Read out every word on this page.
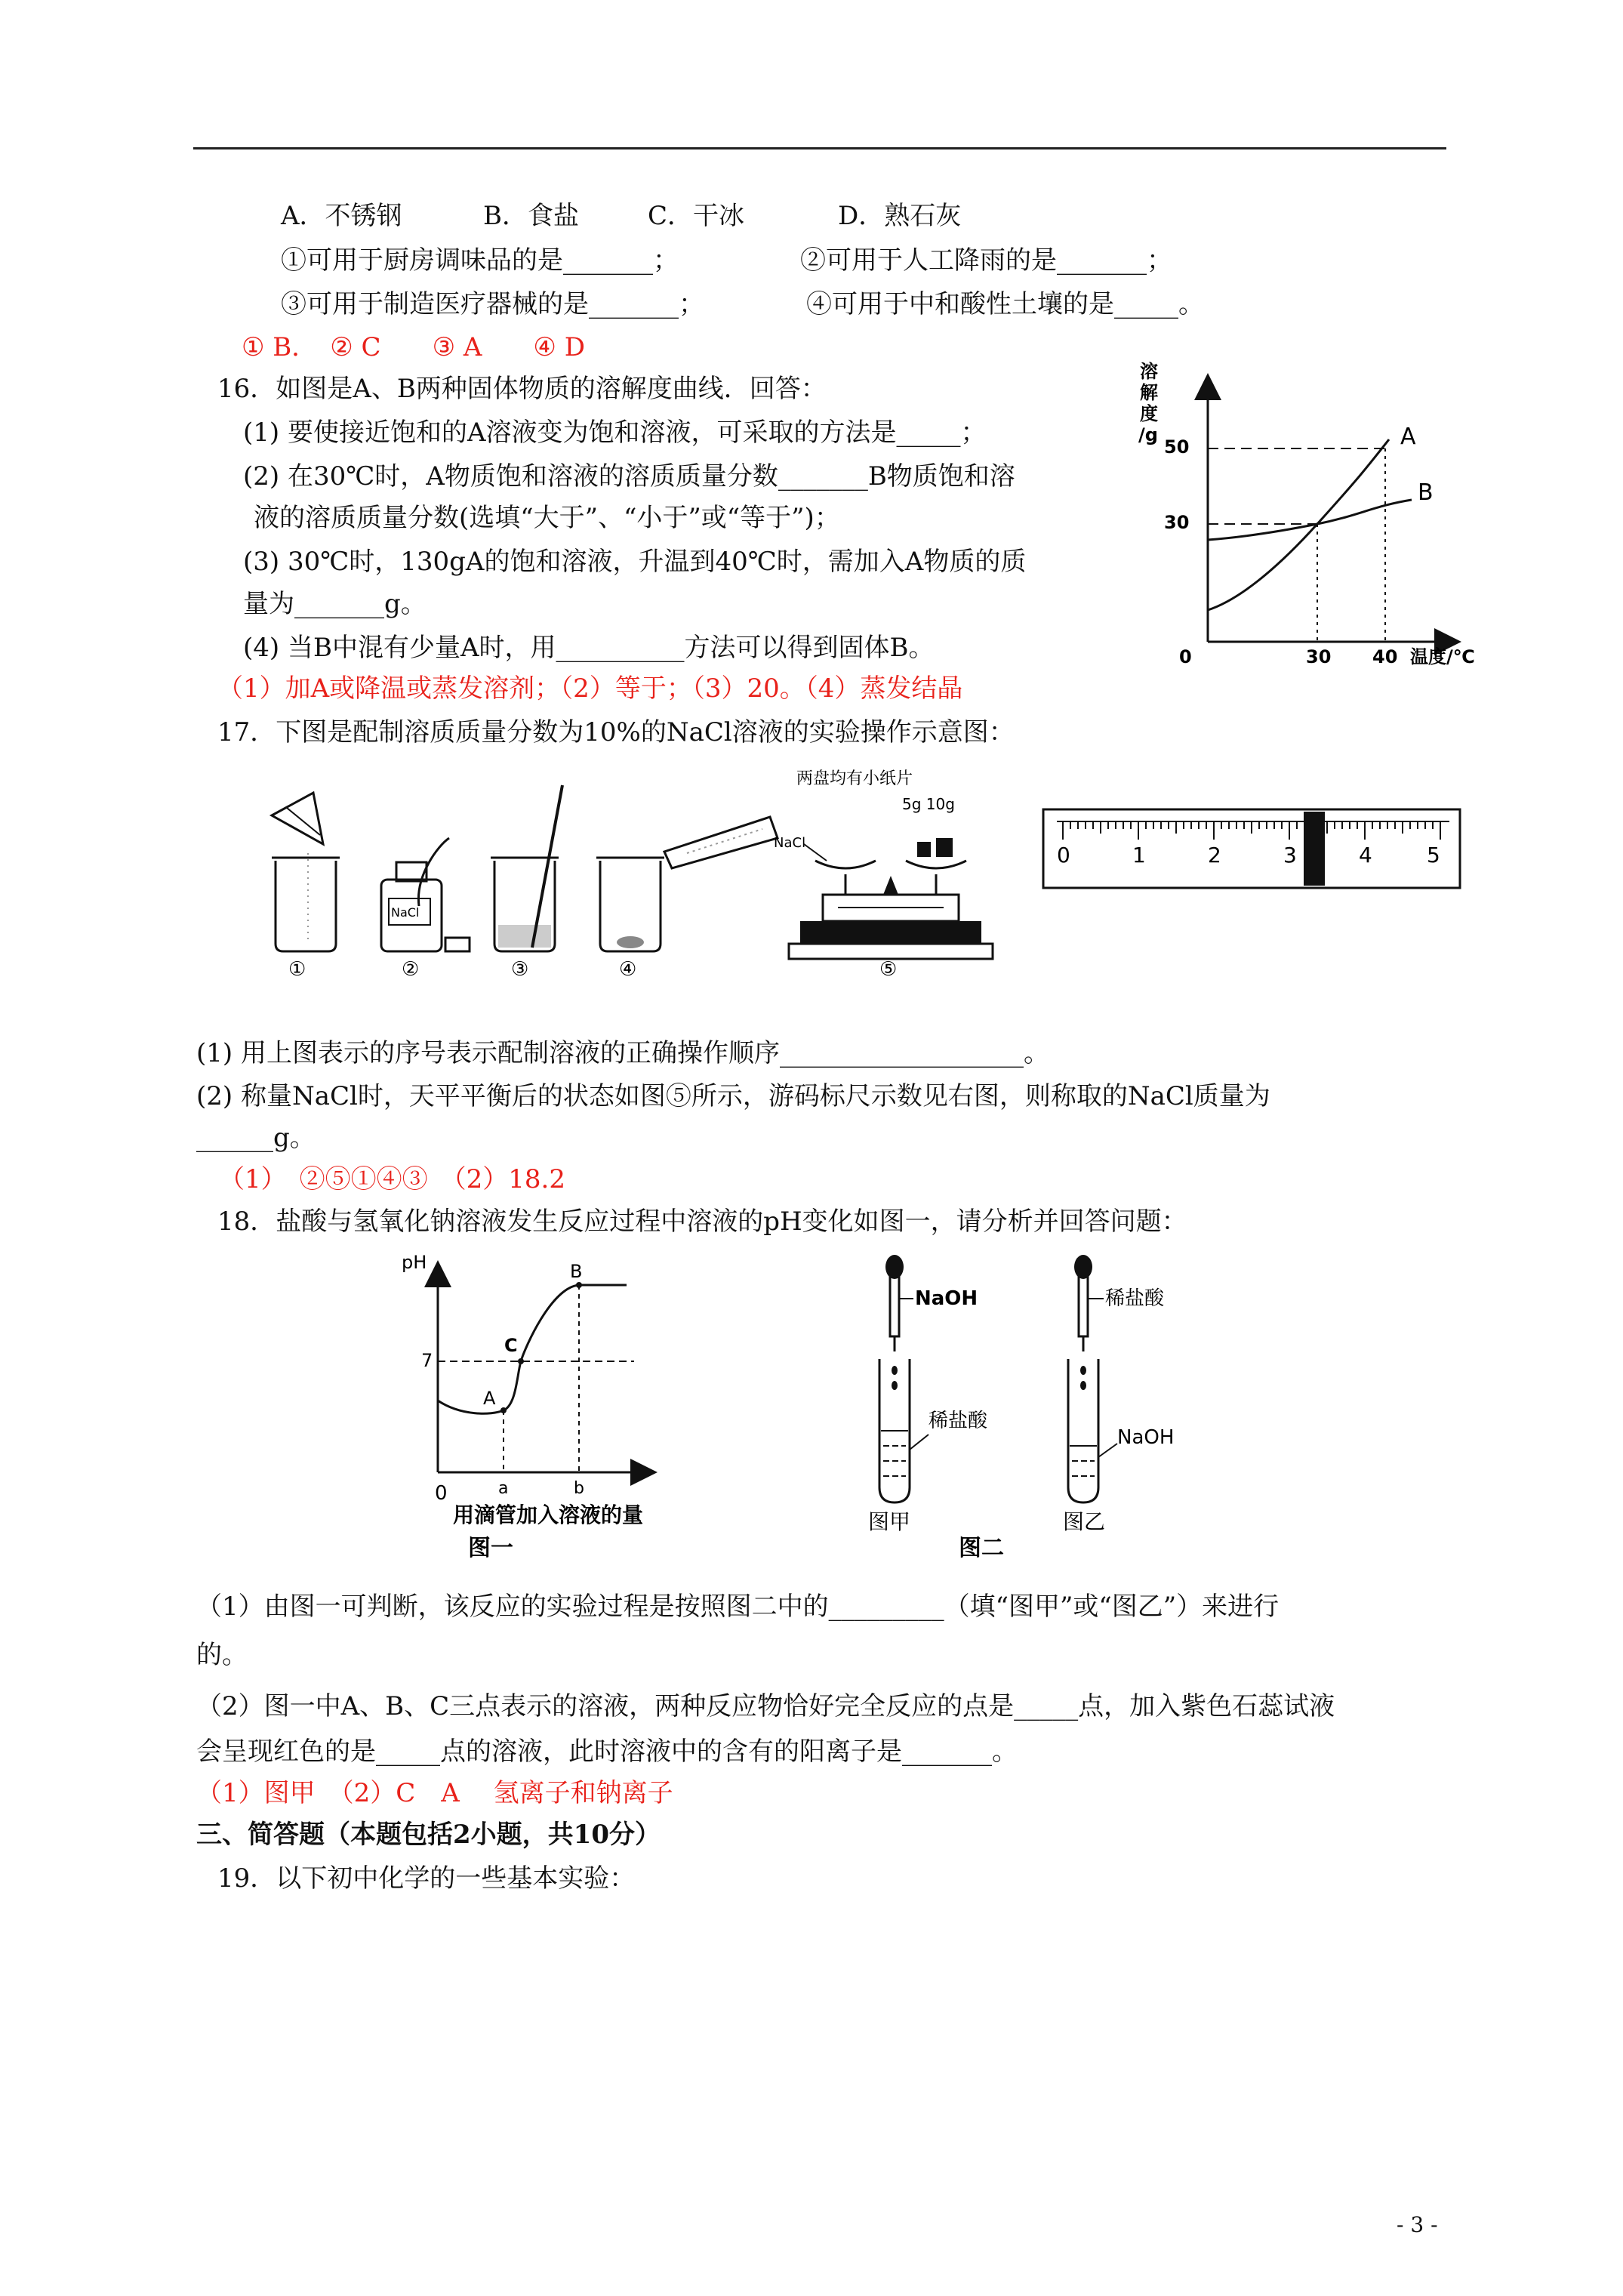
A．不锈钢	B．食盐	C．干冰	D．熟石灰
①可用于厨房调味品的是_______；	②可用于人工降雨的是_______；
③可用于制造医疗器械的是_______；	④可用于中和酸性土壤的是_____。
① B．　② C　　③ A　　④ D
16．如图是A、B两种固体物质的溶解度曲线．回答：
(1) 要使接近饱和的A溶液变为饱和溶液，可采取的方法是_____；
(2) 在30℃时，A物质饱和溶液的溶质质量分数_______B物质饱和溶
液的溶质质量分数(选填“大于”、“小于”或“等于”)；
(3) 30℃时，130gA的饱和溶液，升温到40℃时，需加入A物质的质
量为_______g。
(4) 当B中混有少量A时，用__________方法可以得到固体B。
（1）加A或降温或蒸发溶剂；（2）等于；（3）20。（4）蒸发结晶
溶
解
度
/g
50
30
0	30 40 温度/℃
A
B
17．下图是配制溶质质量分数为10%的NaCl溶液的实验操作示意图：
①
NaCl
②	③	④
两盘均有小纸片
5g 10g
NaCl
⑤
0	1	2	3	4	5
(1) 用上图表示的序号表示配制溶液的正确操作顺序___________________。
(2) 称量NaCl时，天平平衡后的状态如图⑤所示，游码标尺示数见右图，则称取的NaCl质量为
______g。
（1）　②⑤①④③　（2）18.2
18．盐酸与氢氧化钠溶液发生反应过程中溶液的pH变化如图一，请分析并回答问题：
pH
7
0	a	b
A
B
C
用滴管加入溶液的量
图一
NaOH
稀盐酸
图甲
稀盐酸
NaOH
图乙
图二
（1）由图一可判断，该反应的实验过程是按照图二中的_________（填“图甲”或“图乙”）来进行
的。
（2）图一中A、B、C三点表示的溶液，两种反应物恰好完全反应的点是_____点，加入紫色石蕊试液
会呈现红色的是_____点的溶液，此时溶液中的含有的阳离子是_______。
（1）图甲　（2）C　A　 氢离子和钠离子
三、简答题（本题包括2小题，共10分）
19．以下初中化学的一些基本实验：
- 3 -
